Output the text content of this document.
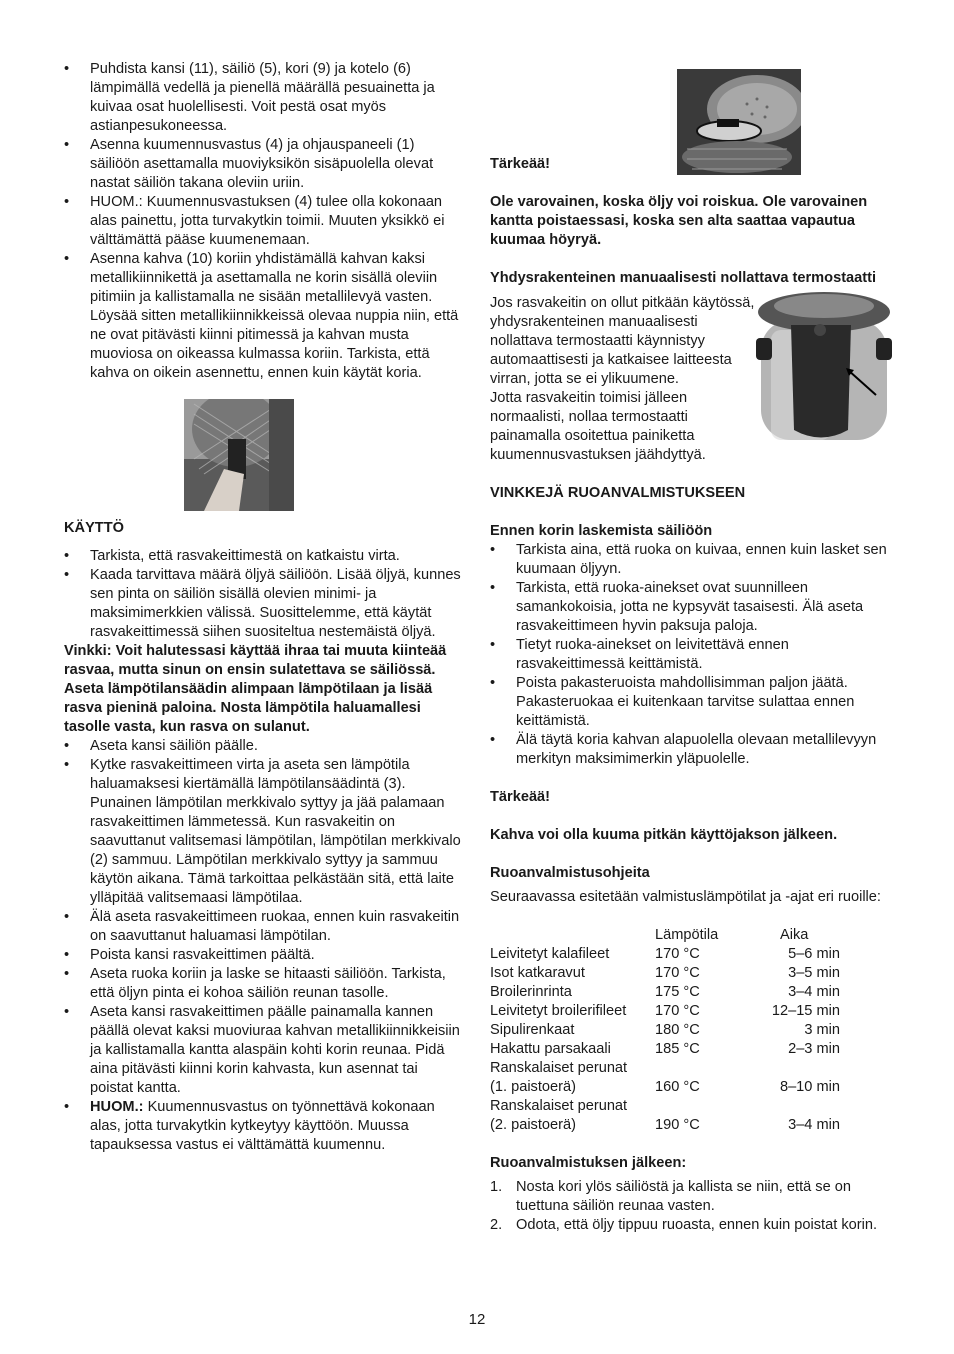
• Puhdista kansi (11), säiliö (5), kori (9) ja kotelo (6) lämpimällä vedellä ja pienellä määrällä pesuainetta ja kuivaa osat huolellisesti. Voit pestä osat myös astianpesukoneessa.
• Asenna kuumennusvastus (4) ja ohjauspaneeli (1) säiliöön asettamalla muoviyksikön sisäpuolella olevat nastat säiliön takana oleviin uriin.
• HUOM.: Kuumennusvastuksen (4) tulee olla kokonaan alas painettu, jotta turvakytkin toimii. Muuten yksikkö ei välttämättä pääse kuumenemaan.
• Asenna kahva (10) koriin yhdistämällä kahvan kaksi metallikiinnikettä ja asettamalla ne korin sisällä oleviin pitimiin ja kallistamalla ne sisään metallilevyä vasten. Löysää sitten metallikiinnikkeissä olevaa nuppia niin, että ne ovat pitävästi kiinni pitimessä ja kahvan musta muoviosa on oikeassa kulmassa koriin. Tarkista, että kahva on oikein asennettu, ennen kuin käytät koria.
KÄYTTÖ
• Tarkista, että rasvakeittimestä on katkaistu virta.
• Kaada tarvittava määrä öljyä säiliöön. Lisää öljyä, kunnes sen pinta on säiliön sisällä olevien minimi- ja maksimimerkkien välissä. Suosittelemme, että käytät rasvakeittimessä siihen suositeltua nestemäistä öljyä.
Vinkki: Voit halutessasi käyttää ihraa tai muuta kiinteää rasvaa, mutta sinun on ensin sulatettava se säiliössä. Aseta lämpötilansäädin alimpaan lämpötilaan ja lisää rasva pieninä paloina. Nosta lämpötila haluamallesi tasolle vasta, kun rasva on sulanut.
• Aseta kansi säiliön päälle.
• Kytke rasvakeittimeen virta ja aseta sen lämpötila haluamaksesi kiertämällä lämpötilansäädintä (3). Punainen lämpötilan merkkivalo syttyy ja jää palamaan rasvakeittimen lämmetessä. Kun rasvakeitin on saavuttanut valitsemasi lämpötilan, lämpötilan merkkivalo (2) sammuu. Lämpötilan merkkivalo syttyy ja sammuu käytön aikana. Tämä tarkoittaa pelkästään sitä, että laite ylläpitää valitsemaasi lämpötilaa.
• Älä aseta rasvakeittimeen ruokaa, ennen kuin rasvakeitin on saavuttanut haluamasi lämpötilan.
• Poista kansi rasvakeittimen päältä.
• Aseta ruoka koriin ja laske se hitaasti säiliöön. Tarkista, että öljyn pinta ei kohoa säiliön reunan tasolle.
• Aseta kansi rasvakeittimen päälle painamalla kannen päällä olevat kaksi muoviuraa kahvan metallikiinnikkeisiin ja kallistamalla kantta alaspäin kohti korin reunaa. Pidä aina pitävästi kiinni korin kahvasta, kun asennat tai poistat kantta.
• HUOM.: Kuumennusvastus on työnnettävä kokonaan alas, jotta turvakytkin kytkeytyy käyttöön. Muussa tapauksessa vastus ei välttämättä kuumennu.
Tärkeää!
Ole varovainen, koska öljy voi roiskua. Ole varovainen kantta poistaessasi, koska sen alta saattaa vapautua kuumaa höyryä.
Yhdysrakenteinen manuaalisesti nollattava termostaatti
Jos rasvakeitin on ollut pitkään käytössä, yhdysrakenteinen manuaalisesti nollattava termostaatti käynnistyy automaattisesti ja katkaisee laitteesta virran, jotta se ei ylikuumene.
Jotta rasvakeitin toimisi jälleen normaalisti, nollaa termostaatti painamalla osoitettua painiketta kuumennusvastuksen jäähdyttyä.
VINKKEJÄ RUOANVALMISTUKSEEN
Ennen korin laskemista säiliöön
• Tarkista aina, että ruoka on kuivaa, ennen kuin lasket sen kuumaan öljyyn.
• Tarkista, että ruoka-ainekset ovat suunnilleen samankokoisia, jotta ne kypsyvät tasaisesti. Älä aseta rasvakeittimeen hyvin paksuja paloja.
• Tietyt ruoka-ainekset on leivitettävä ennen rasvakeittimessä keittämistä.
• Poista pakasteruoista mahdollisimman paljon jäätä. Pakasteruokaa ei kuitenkaan tarvitse sulattaa ennen keittämistä.
• Älä täytä koria kahvan alapuolella olevaan metallilevyyn merkityn maksimimerkin yläpuolelle.
Tärkeää!
Kahva voi olla kuuma pitkän käyttöjakson jälkeen.
Ruoanvalmistusohjeita
Seuraavassa esitetään valmistuslämpötilat ja -ajat eri ruoille:
	Lämpötila	Aika
Leivitetyt kalafileet	170 °C	5–6 min
Isot katkaravut	170 °C	3–5 min
Broilerinrinta	175 °C	3–4 min
Leivitetyt broilerifileet	170 °C	12–15 min
Sipulirenkaat	180 °C	3 min
Hakattu parsakaali	185 °C	2–3 min
Ranskalaiset perunat		
(1. paistoerä)	160 °C	8–10 min
Ranskalaiset perunat		
(2. paistoerä)	190 °C	3–4 min
Ruoanvalmistuksen jälkeen:
1. Nosta kori ylös säiliöstä ja kallista se niin, että se on tuettuna säiliön reunaa vasten.
2. Odota, että öljy tippuu ruoasta, ennen kuin poistat korin.
12
